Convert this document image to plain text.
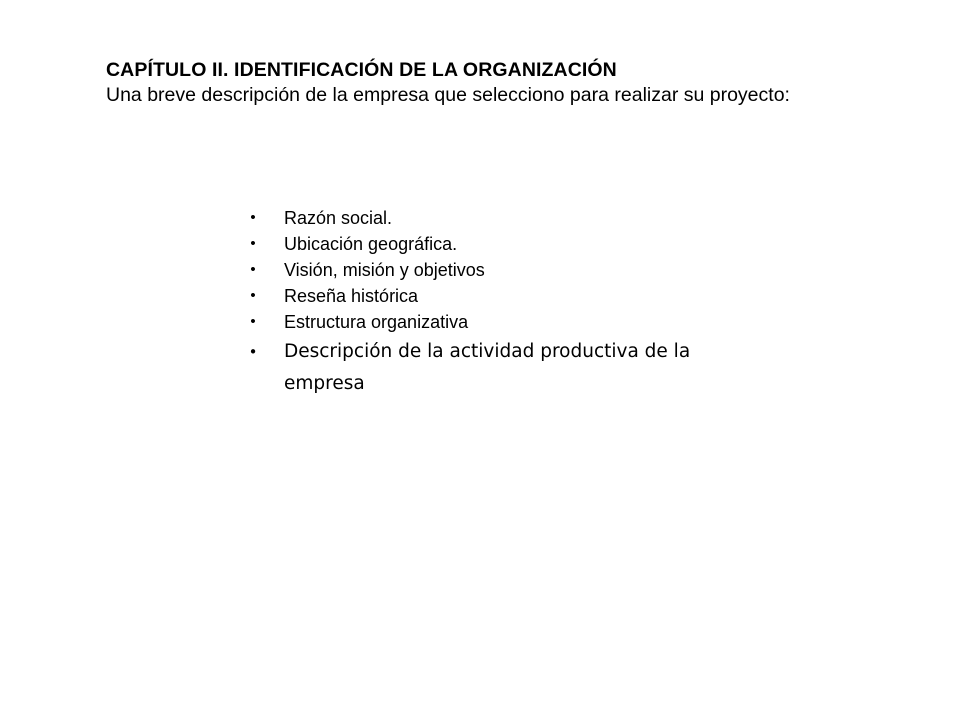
CAPÍTULO II. IDENTIFICACIÓN DE LA ORGANIZACIÓN

Una breve descripción de la empresa que selecciono para realizar su proyecto:

• Razón social.
• Ubicación geográfica.
• Visión, misión y objetivos
• Reseña histórica
• Estructura organizativa
• Descripción de la actividad productiva de la empresa
